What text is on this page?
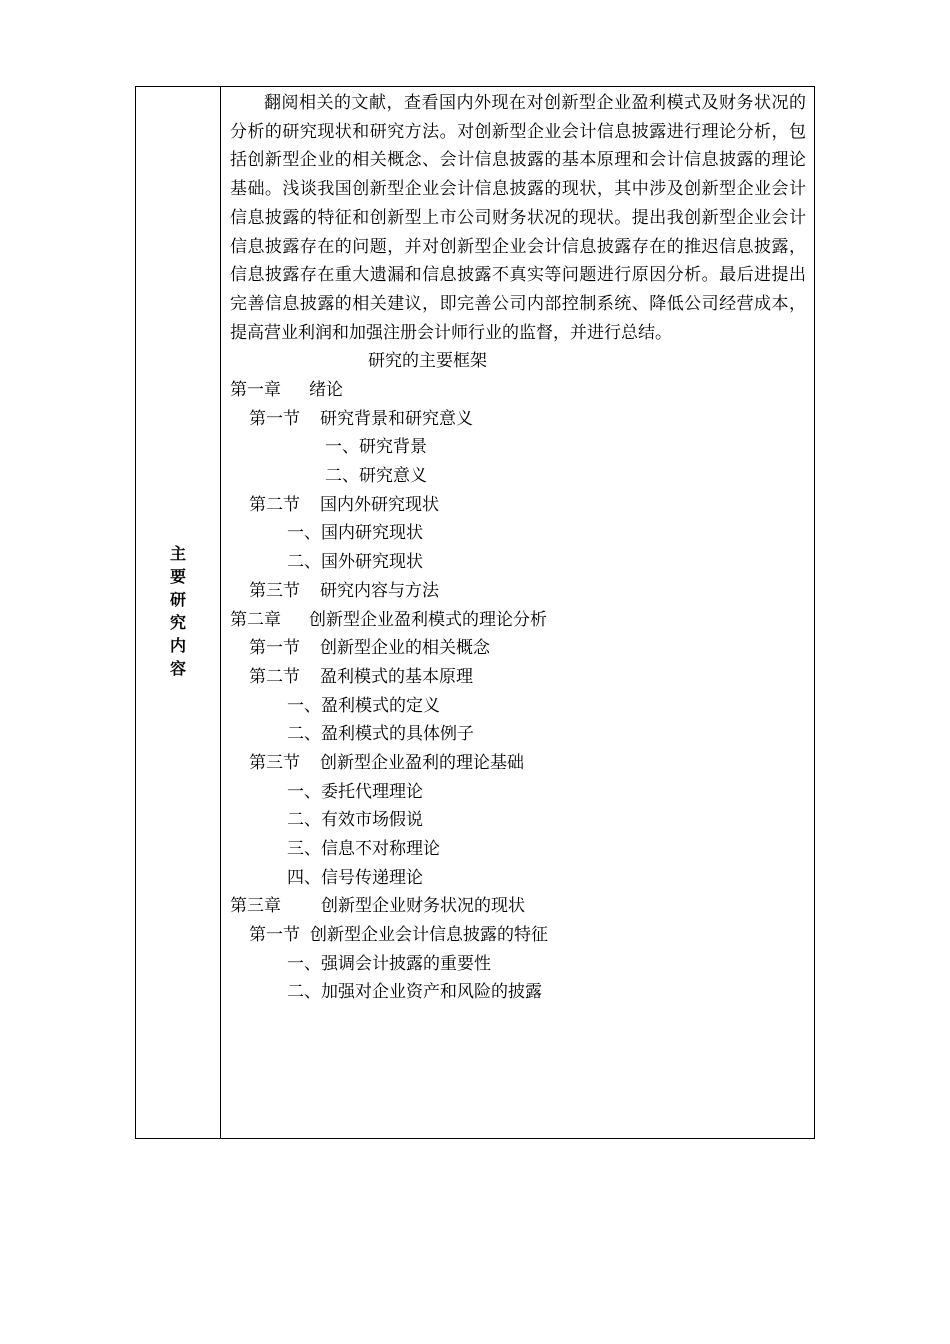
主
要
研
究
内
容

翻阅相关的文献，查看国内外现在对创新型企业盈利模式及财务状况的分析的研究现状和研究方法。对创新型企业会计信息披露进行理论分析，包括创新型企业的相关概念、会计信息披露的基本原理和会计信息披露的理论基础。浅谈我国创新型企业会计信息披露的现状，其中涉及创新型企业会计信息披露的特征和创新型上市公司财务状况的现状。提出我创新型企业会计信息披露存在的问题，并对创新型企业会计信息披露存在的推迟信息披露，信息披露存在重大遗漏和信息披露不真实等问题进行原因分析。最后进提出完善信息披露的相关建议，即完善公司内部控制系统、降低公司经营成本，提高营业利润和加强注册会计师行业的监督，并进行总结。

研究的主要框架
第一章 绪论
第一节 研究背景和研究意义
一、研究背景
二、研究意义
第二节 国内外研究现状
一、国内研究现状
二、国外研究现状
第三节 研究内容与方法
第二章 创新型企业盈利模式的理论分析
第一节 创新型企业的相关概念
第二节 盈利模式的基本原理
一、盈利模式的定义
二、盈利模式的具体例子
第三节 创新型企业盈利的理论基础
一、委托代理理论
二、有效市场假说
三、信息不对称理论
四、信号传递理论
第三章 创新型企业财务状况的现状
第一节 创新型企业会计信息披露的特征
一、强调会计披露的重要性
二、加强对企业资产和风险的披露
